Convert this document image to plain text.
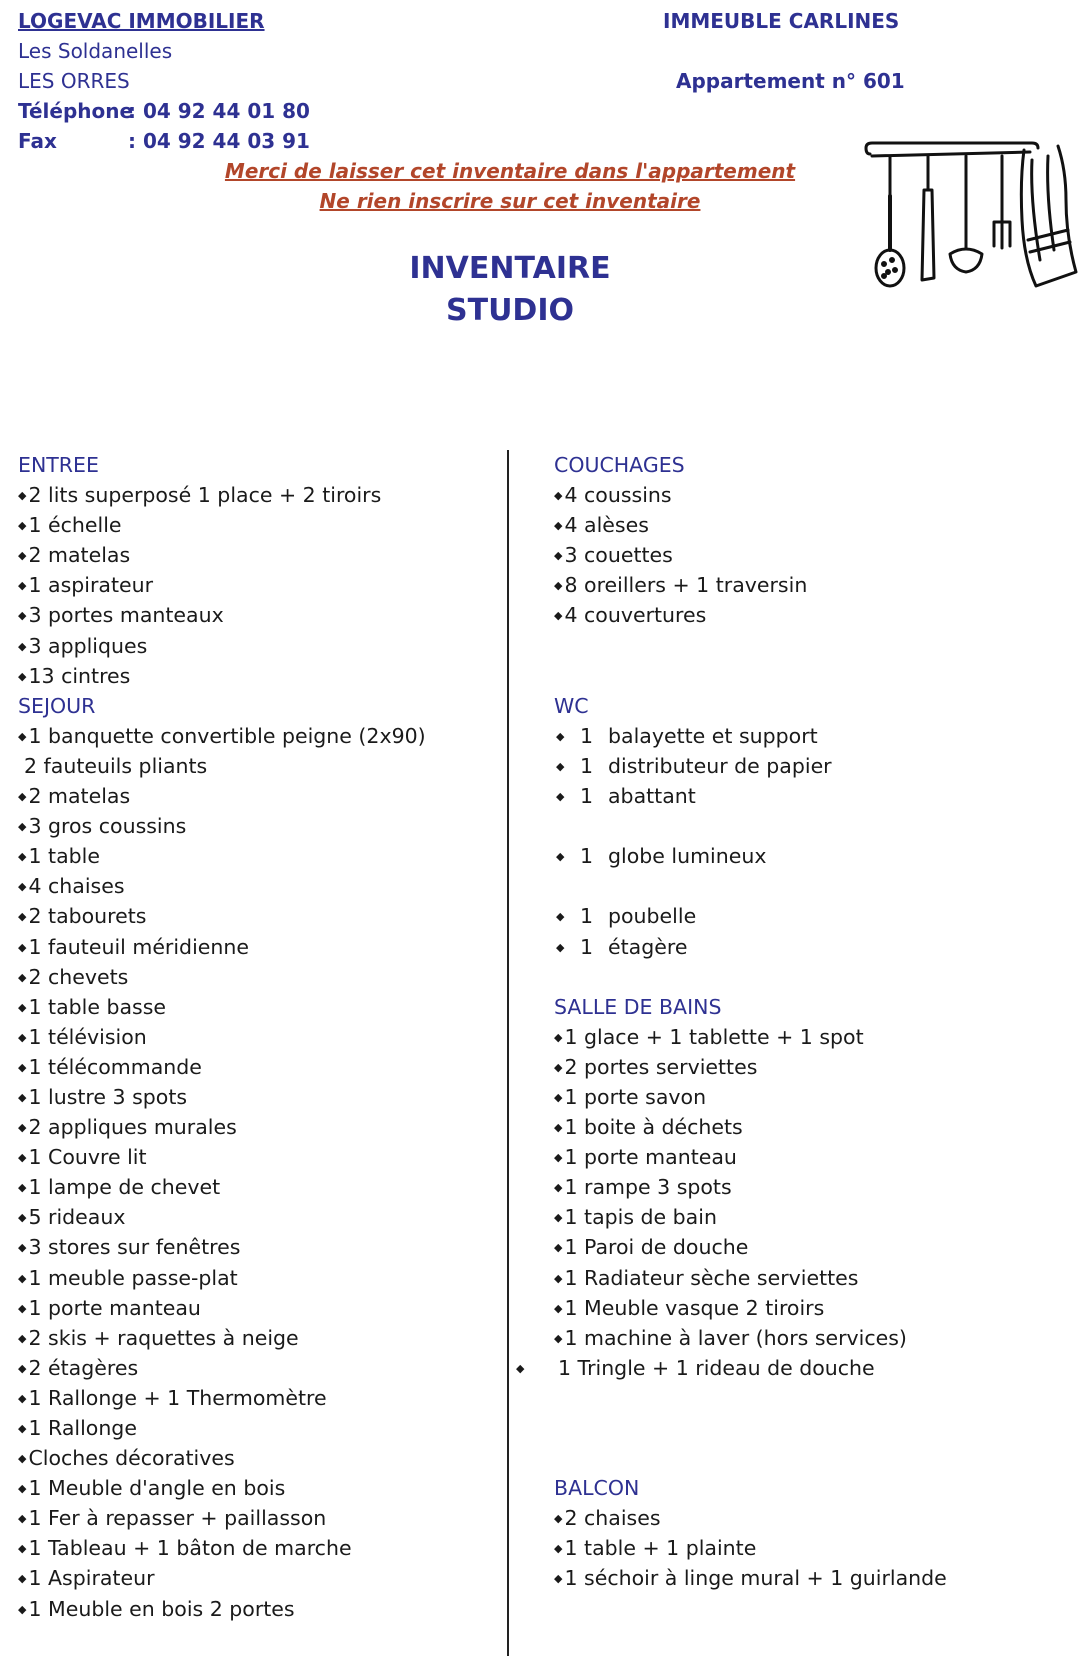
LOGEVAC IMMOBILIER
Les Soldanelles
LES ORRES
Téléphone
: 04 92 44 01 80
Fax	: 04 92 44 03 91
IMMEUBLE CARLINES
Appartement n° 601
Merci de laisser cet inventaire dans l'appartement
Ne rien inscrire sur cet inventaire
INVENTAIRE
STUDIO
ENTREE
◆ 2 lits superposé 1 place + 2 tiroirs
◆ 1 échelle
◆ 2 matelas
◆ 1 aspirateur
◆ 3 portes manteaux
◆ 3 appliques
◆ 13 cintres
SEJOUR
◆ 1 banquette convertible peigne (2x90)
2 fauteuils pliants
◆ 2 matelas
◆ 3 gros coussins
◆ 1 table
◆ 4 chaises
◆ 2 tabourets
◆ 1 fauteuil méridienne
◆ 2 chevets
◆ 1 table basse
◆ 1 télévision
◆ 1 télécommande
◆ 1 lustre 3 spots
◆ 2 appliques murales
◆ 1 Couvre lit
◆ 1 lampe de chevet
◆ 5 rideaux
◆ 3 stores sur fenêtres
◆ 1 meuble passe-plat
◆ 1 porte manteau
◆ 2 skis + raquettes à neige
◆ 2 étagères
◆ 1 Rallonge + 1 Thermomètre
◆ 1 Rallonge
◆ Cloches décoratives
◆ 1 Meuble d'angle en bois
◆ 1 Fer à repasser + paillasson
◆ 1 Tableau + 1 bâton de marche
◆ 1 Aspirateur
◆ 1 Meuble en bois 2 portes
COUCHAGES
◆ 4 coussins
◆ 4 alèses
◆ 3 couettes
◆ 8 oreillers + 1 traversin
◆ 4 couvertures
WC
◆ 1 balayette et support
◆ 1 distributeur de papier
◆ 1 abattant
◆ 1 globe lumineux
◆ 1 poubelle
◆ 1 étagère
SALLE DE BAINS
◆ 1 glace + 1 tablette + 1 spot
◆ 2 portes serviettes
◆ 1 porte savon
◆ 1 boite à déchets
◆ 1 porte manteau
◆ 1 rampe 3 spots
◆ 1 tapis de bain
◆ 1 Paroi de douche
◆ 1 Radiateur sèche serviettes
◆ 1 Meuble vasque 2 tiroirs
◆ 1 machine à laver (hors services)
◆ 1 Tringle + 1 rideau de douche
BALCON
◆ 2 chaises
◆ 1 table + 1 plainte
◆ 1 séchoir à linge mural + 1 guirlande
